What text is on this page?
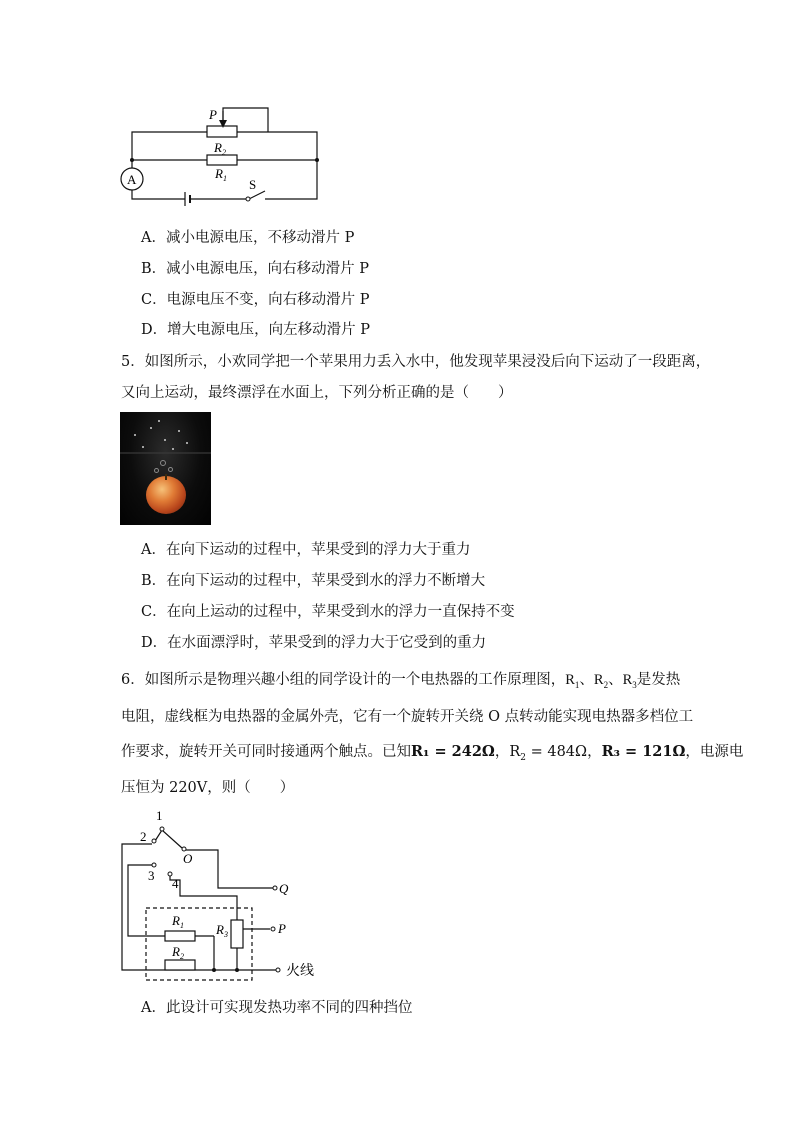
P
$R_2$
$R_1$
A	S
A．减小电源电压，不移动滑片 P
B．减小电源电压，向右移动滑片 P
C．电源电压不变，向右移动滑片 P
D．增大电源电压，向左移动滑片 P
5．如图所示，小欢同学把一个苹果用力丢入水中，他发现苹果浸没后向下运动了一段距离，
又向上运动，最终漂浮在水面上，下列分析正确的是（　　）
A．在向下运动的过程中，苹果受到的浮力大于重力
B．在向下运动的过程中，苹果受到水的浮力不断增大
C．在向上运动的过程中，苹果受到水的浮力一直保持不变
D．在水面漂浮时，苹果受到的浮力大于它受到的重力
6．如图所示是物理兴趣小组的同学设计的一个电热器的工作原理图，$R_1$、$R_2$、$R_3$是发热
电阻，虚线框为电热器的金属外壳，它有一个旋转开关绕 O 点转动能实现电热器多档位工
作要求，旋转开关可同时接通两个触点。已知R₁ = 242Ω，$R_2 = 484\Omega$，R₃ = 121Ω，电源电
压恒为 220V，则（　　）
1
2
3
4
O
Q
P
火线
$R_1$
$R_2$
$R_3$
A．此设计可实现发热功率不同的四种挡位
